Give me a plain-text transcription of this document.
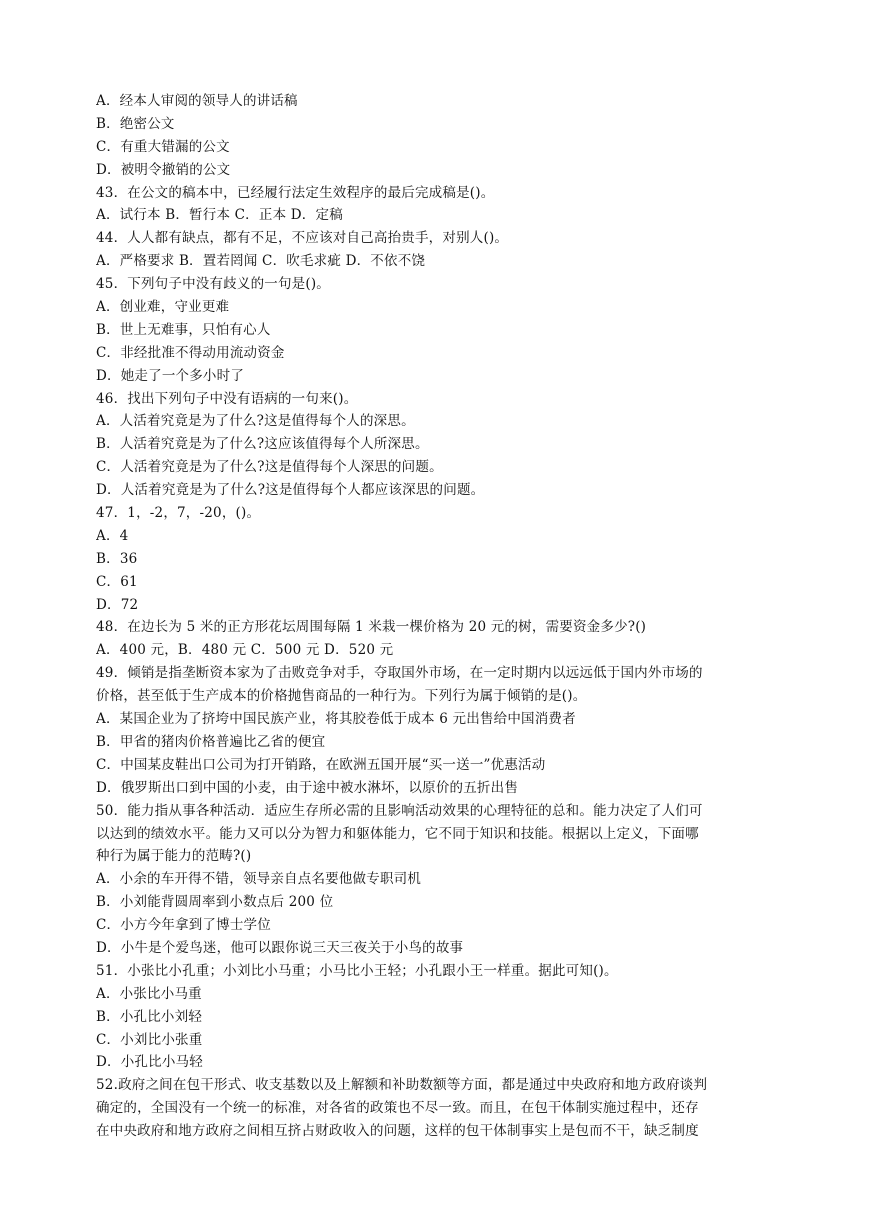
A．经本人审阅的领导人的讲话稿
B．绝密公文
C．有重大错漏的公文
D．被明令撤销的公文
43．在公文的稿本中，已经履行法定生效程序的最后完成稿是()。
A．试行本 B．暂行本 C．正本 D．定稿
44．人人都有缺点，都有不足，不应该对自己高抬贵手，对别人()。
A．严格要求 B．置若罔闻 C．吹毛求疵 D．不依不饶
45．下列句子中没有歧义的一句是()。
A．创业难，守业更难
B．世上无难事，只怕有心人
C．非经批准不得动用流动资金
D．她走了一个多小时了
46．找出下列句子中没有语病的一句来()。
A．人活着究竟是为了什么?这是值得每个人的深思。
B．人活着究竟是为了什么?这应该值得每个人所深思。
C．人活着究竟是为了什么?这是值得每个人深思的问题。
D．人活着究竟是为了什么?这是值得每个人都应该深思的问题。
47．1，-2，7，-20，()。
A．4
B．36
C．61
D．72
48．在边长为 5 米的正方形花坛周围每隔 1 米栽一棵价格为 20 元的树，需要资金多少?()
A．400 元，B．480 元 C．500 元 D．520 元
49．倾销是指垄断资本家为了击败竞争对手，夺取国外市场，在一定时期内以远远低于国内外市场的
价格，甚至低于生产成本的价格抛售商品的一种行为。下列行为属于倾销的是()。
A．某国企业为了挤垮中国民族产业，将其胶卷低于成本 6 元出售给中国消费者
B．甲省的猪肉价格普遍比乙省的便宜
C．中国某皮鞋出口公司为打开销路，在欧洲五国开展“买一送一”优惠活动
D．俄罗斯出口到中国的小麦，由于途中被水淋坏，以原价的五折出售
50．能力指从事各种活动．适应生存所必需的且影响活动效果的心理特征的总和。能力决定了人们可
以达到的绩效水平。能力又可以分为智力和躯体能力，它不同于知识和技能。根据以上定义，下面哪
种行为属于能力的范畴?()
A．小余的车开得不错，领导亲自点名要他做专职司机
B．小刘能背圆周率到小数点后 200 位
C．小方今年拿到了博士学位
D．小牛是个爱鸟迷，他可以跟你说三天三夜关于小鸟的故事
51．小张比小孔重；小刘比小马重；小马比小王轻；小孔跟小王一样重。据此可知()。
A．小张比小马重
B．小孔比小刘轻
C．小刘比小张重
D．小孔比小马轻
52.政府之间在包干形式、收支基数以及上解额和补助数额等方面，都是通过中央政府和地方政府谈判
确定的，全国没有一个统一的标准，对各省的政策也不尽一致。而且，在包干体制实施过程中，还存
在中央政府和地方政府之间相互挤占财政收入的问题，这样的包干体制事实上是包而不干，缺乏制度
